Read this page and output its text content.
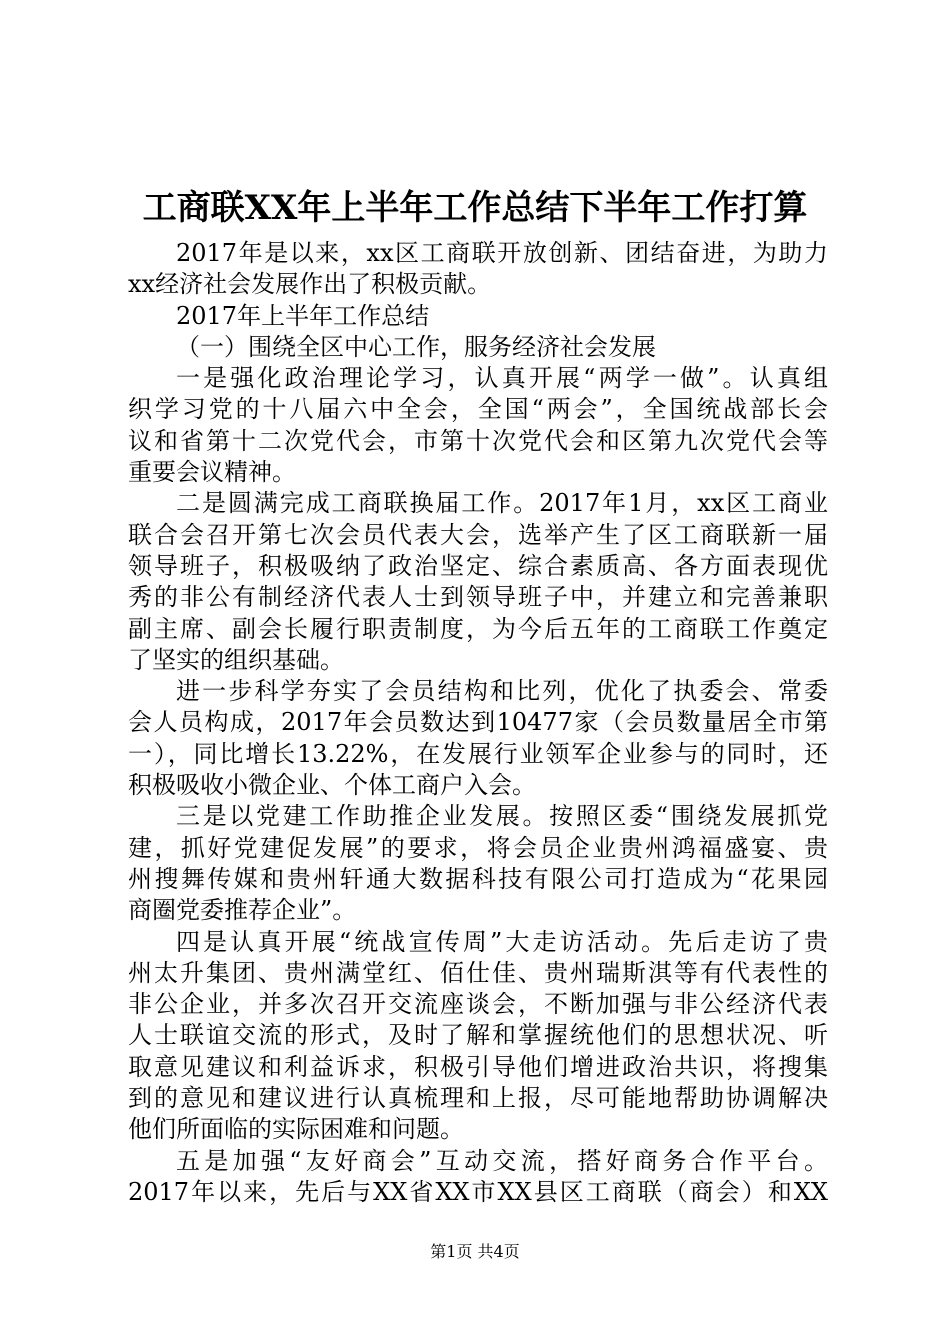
工商联XX年上半年工作总结下半年工作打算
2017年是以来，xx区工商联开放创新、团结奋进，为助力
xx经济社会发展作出了积极贡献。
2017年上半年工作总结
（一）围绕全区中心工作，服务经济社会发展
一是强化政治理论学习，认真开展“两学一做”。认真组
织学习党的十八届六中全会，全国“两会”，全国统战部长会
议和省第十二次党代会，市第十次党代会和区第九次党代会等
重要会议精神。
二是圆满完成工商联换届工作。2017年1月，xx区工商业
联合会召开第七次会员代表大会，选举产生了区工商联新一届
领导班子，积极吸纳了政治坚定、综合素质高、各方面表现优
秀的非公有制经济代表人士到领导班子中，并建立和完善兼职
副主席、副会长履行职责制度，为今后五年的工商联工作奠定
了坚实的组织基础。
进一步科学夯实了会员结构和比列，优化了执委会、常委
会人员构成，2017年会员数达到10477家（会员数量居全市第
一），同比增长13.22%，在发展行业领军企业参与的同时，还
积极吸收小微企业、个体工商户入会。
三是以党建工作助推企业发展。按照区委“围绕发展抓党
建，抓好党建促发展”的要求，将会员企业贵州鸿福盛宴、贵
州搜舞传媒和贵州轩通大数据科技有限公司打造成为“花果园
商圈党委推荐企业”。
四是认真开展“统战宣传周”大走访活动。先后走访了贵
州太升集团、贵州满堂红、佰仕佳、贵州瑞斯淇等有代表性的
非公企业，并多次召开交流座谈会，不断加强与非公经济代表
人士联谊交流的形式，及时了解和掌握统他们的思想状况、听
取意见建议和利益诉求，积极引导他们增进政治共识，将搜集
到的意见和建议进行认真梳理和上报，尽可能地帮助协调解决
他们所面临的实际困难和问题。
五是加强“友好商会”互动交流，搭好商务合作平台。
2017年以来，先后与XX省XX市XX县区工商联（商会）和XX
第1页 共4页
